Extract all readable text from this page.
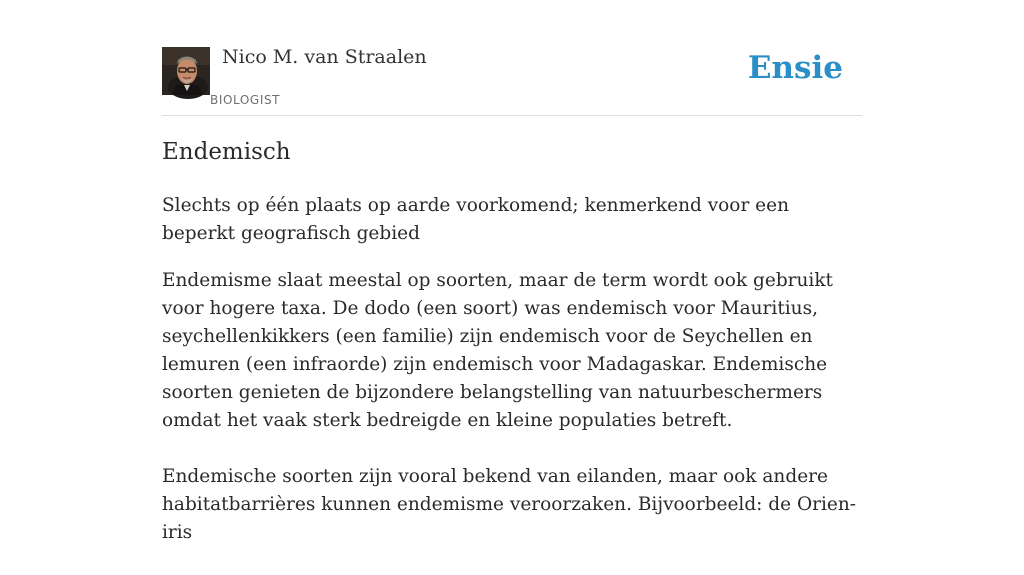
Nico M. van Straalen
BIOLOGIST
Ensie
Endemisch

Slechts op één plaats op aarde voorkomend; kenmerkend voor een beperkt geografisch gebied

Endemisme slaat meestal op soorten, maar de term wordt ook gebruikt voor hogere taxa. De dodo (een soort) was endemisch voor Mauritius, seychellenkikkers (een familie) zijn endemisch voor de Seychellen en lemuren (een infraorde) zijn endemisch voor Madagaskar. Endemische soorten genieten de bijzondere belangstelling van natuurbeschermers omdat het vaak sterk bedreigde en kleine populaties betreft.

Endemische soorten zijn vooral bekend van eilanden, maar ook andere habitatbarrières kunnen endemisme veroorzaken. Bijvoorbeeld: de Orien-iris
